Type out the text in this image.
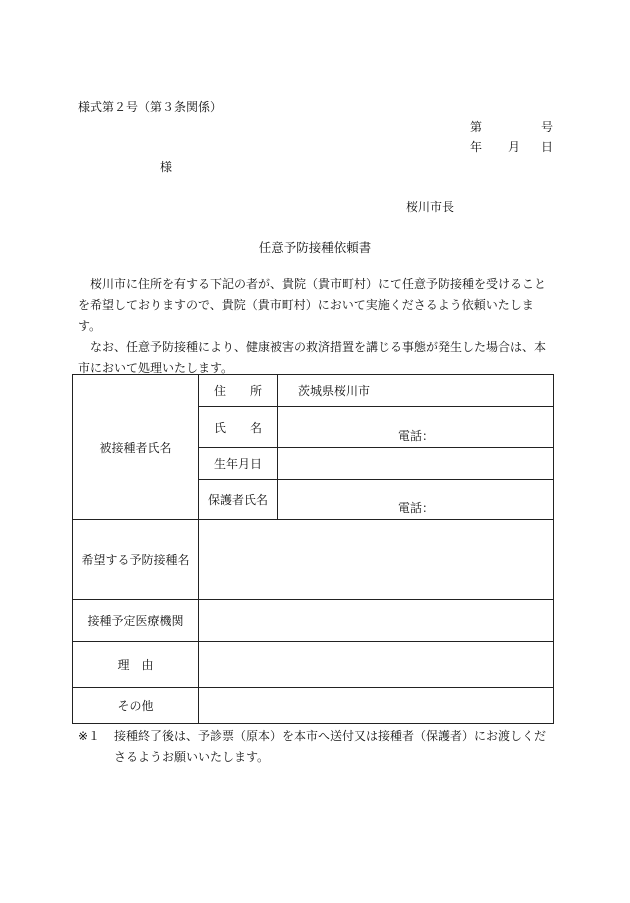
様式第２号（第３条関係）
第	号
年 月 日
様
桜川市長
任意予防接種依頼書

桜川市に住所を有する下記の者が、貴院（貴市町村）にて任意予防接種を受けることを希望しておりますので、貴院（貴市町村）において実施くださるよう依頼いたします。

なお、任意予防接種により、健康被害の救済措置を講じる事態が発生した場合は、本市において処理いたします。

被接種者氏名	住　　所	茨城県桜川市
	氏　　名	電話：

	生年月日	
	保護者氏名	電話：

希望する予防接種名		
接種予定医療機関		
理　由		
その他		
※１ 接種終了後は、予診票（原本）を本市へ送付又は接種者（保護者）にお渡しくださるようお願いいたします。
